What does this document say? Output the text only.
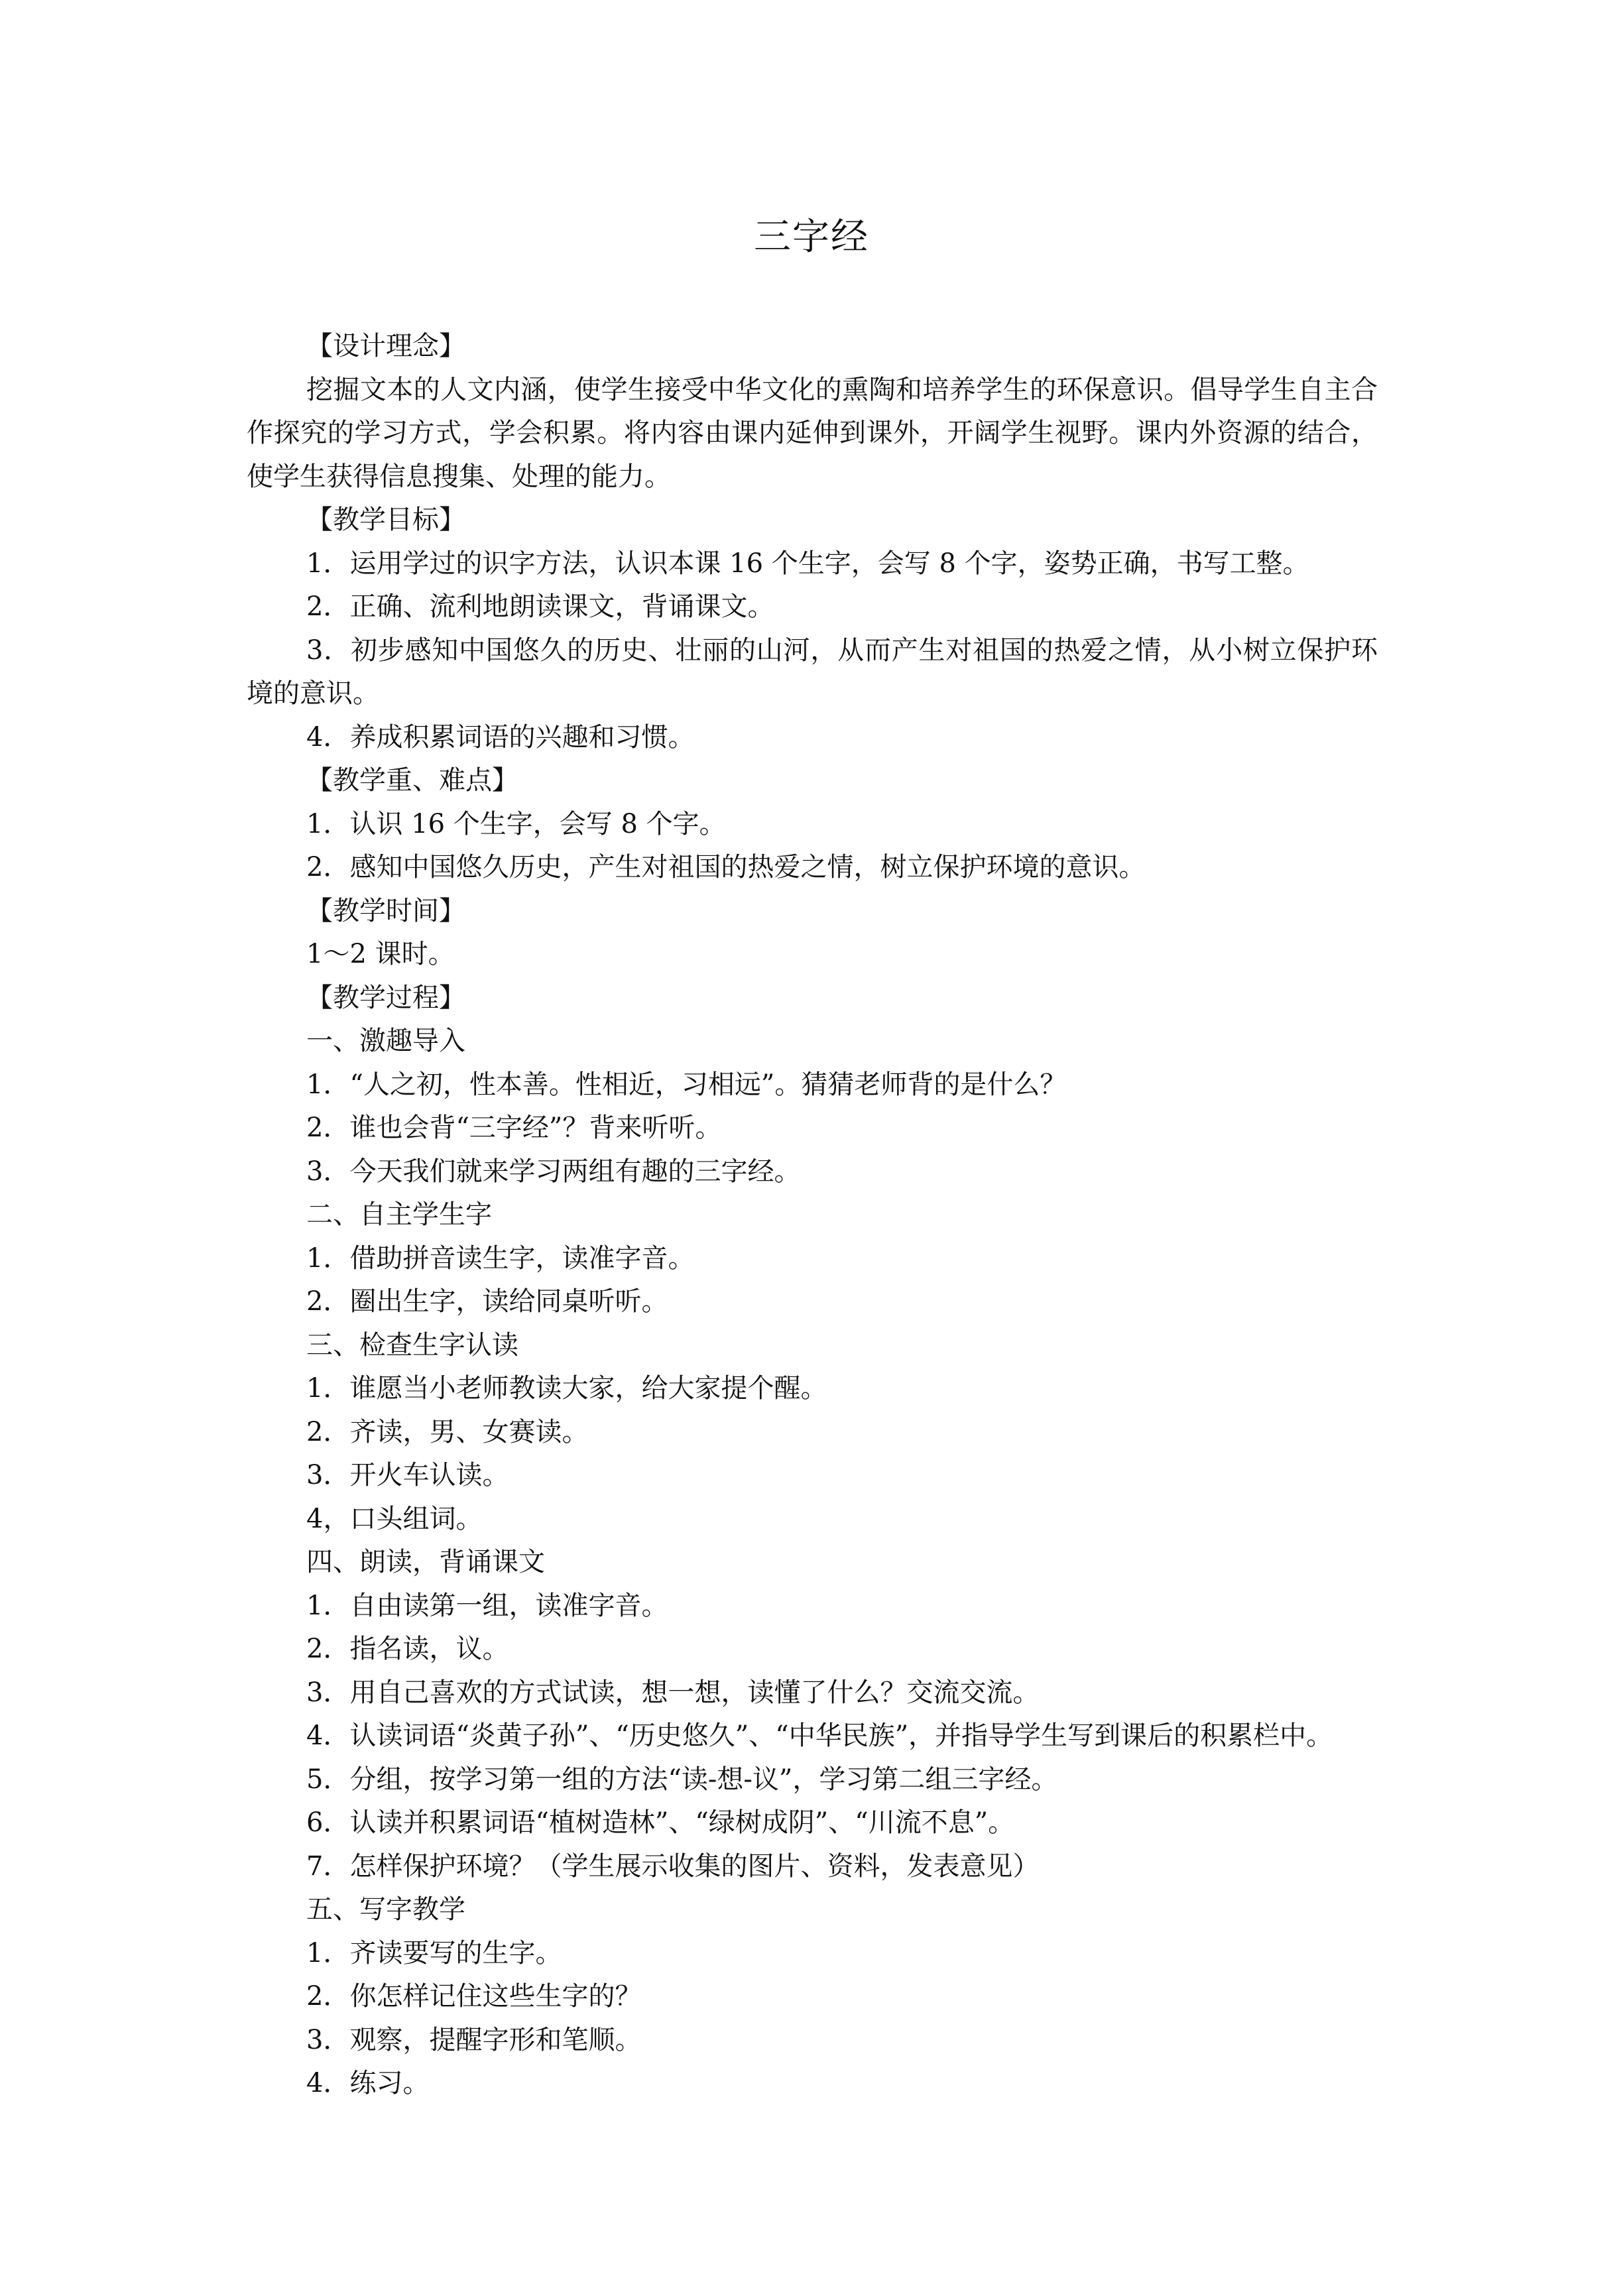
三字经

【设计理念】

挖掘文本的人文内涵，使学生接受中华文化的熏陶和培养学生的环保意识。倡导学生自主合作探究的学习方式，学会积累。将内容由课内延伸到课外，开阔学生视野。课内外资源的结合，使学生获得信息搜集、处理的能力。

【教学目标】

1．运用学过的识字方法，认识本课 16 个生字，会写 8 个字，姿势正确，书写工整。

2．正确、流利地朗读课文，背诵课文。

3．初步感知中国悠久的历史、壮丽的山河，从而产生对祖国的热爱之情，从小树立保护环境的意识。

4．养成积累词语的兴趣和习惯。

【教学重、难点】

1．认识 16 个生字，会写 8 个字。

2．感知中国悠久历史，产生对祖国的热爱之情，树立保护环境的意识。

【教学时间】

1～2 课时。

【教学过程】

一、激趣导入

1．“人之初，性本善。性相近，习相远”。猜猜老师背的是什么？

2．谁也会背“三字经”？背来听听。

3．今天我们就来学习两组有趣的三字经。

二、自主学生字

1．借助拼音读生字，读准字音。

2．圈出生字，读给同桌听听。

三、检查生字认读

1．谁愿当小老师教读大家，给大家提个醒。

2．齐读，男、女赛读。

3．开火车认读。

4，口头组词。

四、朗读，背诵课文

1．自由读第一组，读准字音。

2．指名读，议。

3．用自己喜欢的方式试读，想一想，读懂了什么？交流交流。

4．认读词语“炎黄子孙”、“历史悠久”、“中华民族”，并指导学生写到课后的积累栏中。

5．分组，按学习第一组的方法“读-想-议”，学习第二组三字经。

6．认读并积累词语“植树造林”、“绿树成阴”、“川流不息”。

7．怎样保护环境？（学生展示收集的图片、资料，发表意见）

五、写字教学

1．齐读要写的生字。

2．你怎样记住这些生字的？

3．观察，提醒字形和笔顺。

4．练习。
